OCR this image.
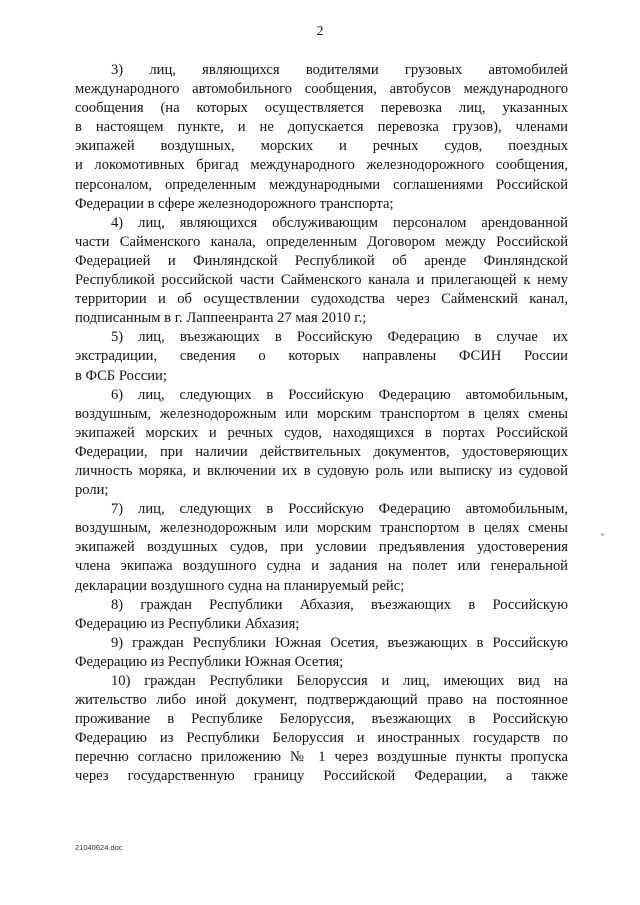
2
3) лиц, являющихся водителями грузовых автомобилей
международного автомобильного сообщения, автобусов международного
сообщения (на которых осуществляется перевозка лиц, указанных
в настоящем пункте, и не допускается перевозка грузов), членами
экипажей воздушных, морских и речных судов, поездных
и локомотивных бригад международного железнодорожного сообщения,
персоналом, определенным международными соглашениями Российской
Федерации в сфере железнодорожного транспорта;
4) лиц, являющихся обслуживающим персоналом арендованной
части Сайменского канала, определенным Договором между Российской
Федерацией и Финляндской Республикой об аренде Финляндской
Республикой российской части Сайменского канала и прилегающей к нему
территории и об осуществлении судоходства через Сайменский канал,
подписанным в г. Лаппеенранта 27 мая 2010 г.;
5) лиц, въезжающих в Российскую Федерацию в случае их
экстрадиции, сведения о которых направлены ФСИН России
в ФСБ России;
6) лиц, следующих в Российскую Федерацию автомобильным,
воздушным, железнодорожным или морским транспортом в целях смены
экипажей морских и речных судов, находящихся в портах Российской
Федерации, при наличии действительных документов, удостоверяющих
личность моряка, и включении их в судовую роль или выписку из судовой
роли;
7) лиц, следующих в Российскую Федерацию автомобильным,
воздушным, железнодорожным или морским транспортом в целях смены
экипажей воздушных судов, при условии предъявления удостоверения
члена экипажа воздушного судна и задания на полет или генеральной
декларации воздушного судна на планируемый рейс;
8) граждан Республики Абхазия, въезжающих в Российскую
Федерацию из Республики Абхазия;
9) граждан Республики Южная Осетия, въезжающих в Российскую
Федерацию из Республики Южная Осетия;
10) граждан Республики Белоруссия и лиц, имеющих вид на
жительство либо иной документ, подтверждающий право на постоянное
проживание в Республике Белоруссия, въезжающих в Российскую
Федерацию из Республики Белоруссия и иностранных государств по
перечню согласно приложению № 1 через воздушные пункты пропуска
через государственную границу Российской Федерации, а также
21040624.doc
